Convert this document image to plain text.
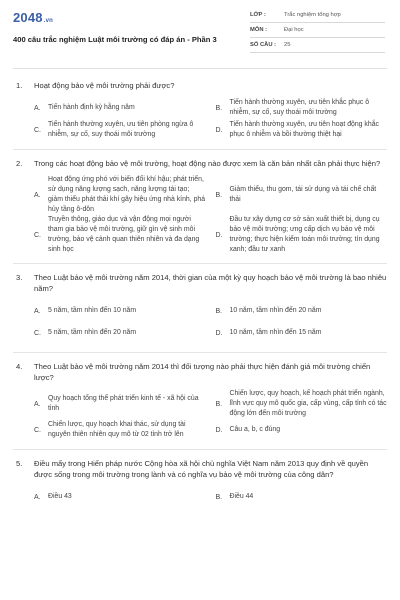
2048.vn
400 câu trắc nghiệm Luật môi trường có đáp án - Phần 3
LỚP :	Trắc nghiệm tổng hợp
MÔN :	Đại học
SỐ CÂU :	25
1.	Hoạt động bảo vệ môi trường phải được?
A.	Tiến hành định kỳ hằng năm	B.
Tiến hành thường xuyên, ưu tiên khắc phục ô nhiễm, sự cố, suy thoái môi trường
C.
Tiến hành thường xuyên, ưu tiên phòng ngừa ô nhiễm, sự cố, suy thoái môi trường
D.
Tiến hành thường xuyên, ưu tiên hoạt động khắc phục ô nhiễm và bồi thường thiệt hại
2.	Trong các hoạt động bảo vệ môi trường, hoạt động nào được xem là căn bản nhất cần phải thực hiện?
A.
Hoạt động ứng phó với biến đổi khí hậu; phát triển, sử dụng năng lượng sạch, năng lượng tái tạo; giảm thiểu phát thải khí gây hiệu ứng nhà kính, phá hủy tầng ô-dôn
B.
Giảm thiểu, thu gom, tái sử dụng và tái chế chất thải
C.
Truyền thông, giáo dục và vận động mọi người tham gia bảo vệ môi trường, giữ gìn vệ sinh môi trường, bảo vệ cảnh quan thiên nhiên và đa dạng sinh học
D.
Đầu tư xây dựng cơ sở sản xuất thiết bị, dụng cụ bảo vệ môi trường; ưng cấp dịch vụ bảo vệ môi trường; thực hiện kiểm toán môi trường; tín dụng xanh; đầu tư xanh
3.	Theo Luật bảo vệ môi trường năm 2014, thời gian của một kỳ quy hoạch bảo vệ môi trường là bao nhiêu năm?
A.	5 năm, tầm nhìn đến 10 năm	B.	10 năm, tầm nhìn đến 20 năm
C.	5 năm, tầm nhìn đến 20 năm	D.	10 năm, tầm nhìn đến 15 năm
4.	Theo Luật bảo vệ môi trường năm 2014 thì đối tượng nào phải thực hiện đánh giá môi trường chiến lược?
A.
Quy hoạch tổng thể phát triển kinh tế - xã hội của tỉnh
B.
Chiến lược, quy hoạch, kế hoạch phát triển ngành, lĩnh vực quy mô quốc gia, cấp vùng, cấp tỉnh có tác động lớn đến môi trường
C.
Chiến lược, quy hoạch khai thác, sử dụng tài nguyên thiên nhiên quy mô từ 02 tỉnh trở lên
D.	Câu a, b, c đúng
5.	Điều mấy trong Hiến pháp nước Cộng hòa xã hội chủ nghĩa Việt Nam năm 2013 quy định về quyền được sống trong môi trường trong lành và có nghĩa vụ bảo vệ môi trường của công dân?
A.	Điều 43	B.	Điều 44
